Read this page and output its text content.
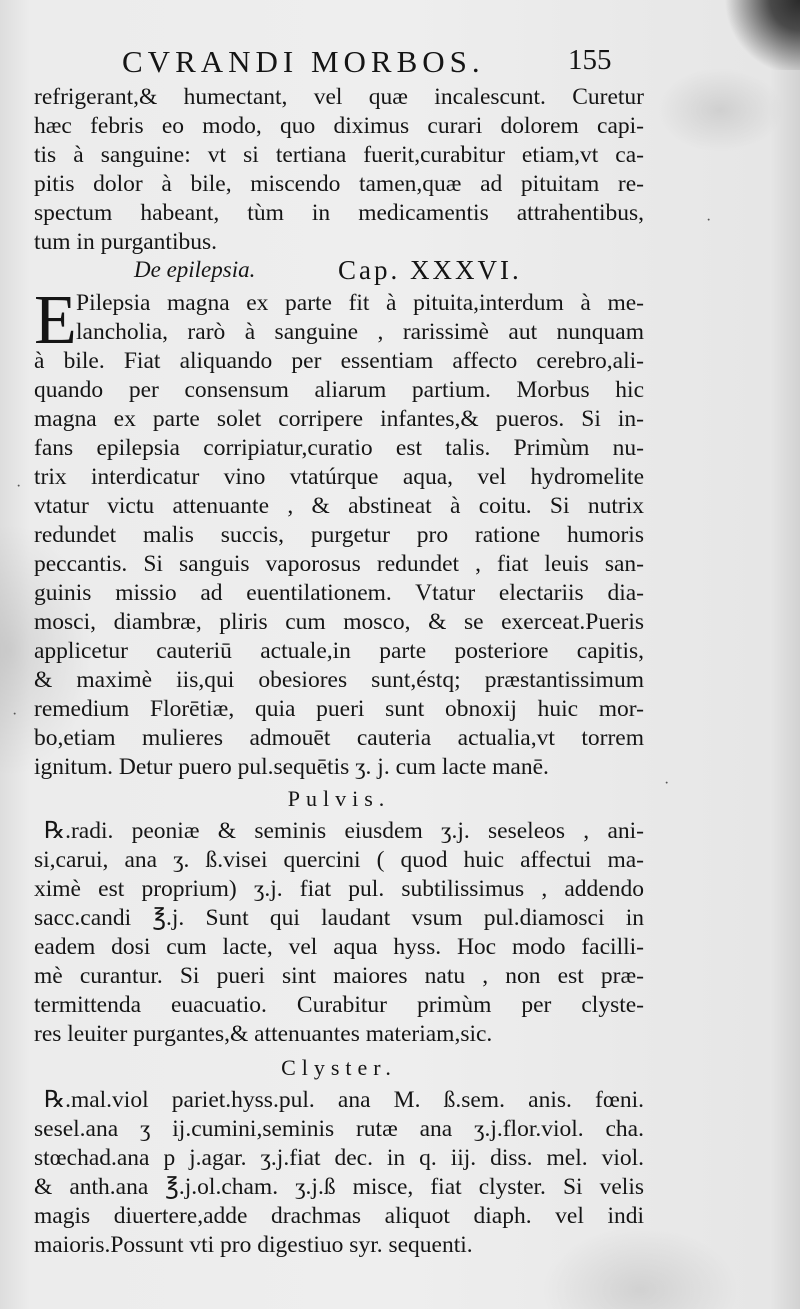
CVRANDI MORBOS.	155
refrigerant,& humectant, vel quæ incalescunt. Curetur
hæc febris eo modo, quo diximus curari dolorem capi-
tis à sanguine: vt si tertiana fuerit,curabitur etiam,vt ca-
pitis dolor à bile, miscendo tamen,quæ ad pituitam re-
spectum habeant, tùm in medicamentis attrahentibus,
tum in purgantibus.
De epilepsia.	Cap. XXXVI.
Pilepsia magna ex parte fit à pituita,interdum à me-
lancholia, rarò à sanguine , rarissimè aut nunquam
à bile. Fiat aliquando per essentiam affecto cerebro,ali-
quando per consensum aliarum partium. Morbus hic
magna ex parte solet corripere infantes,& pueros. Si in-
fans epilepsia corripiatur,curatio est talis. Primùm nu-
trix interdicatur vino vtatúrque aqua, vel hydromelite
vtatur victu attenuante , & abstineat à coitu. Si nutrix
redundet malis succis, purgetur pro ratione humoris
peccantis. Si sanguis vaporosus redundet , fiat leuis san-
guinis missio ad euentilationem. Vtatur electariis dia-
mosci, diambræ, pliris cum mosco, & se exerceat.Pueris
applicetur cauteriū actuale,in parte posteriore capitis,
& maximè iis,qui obesiores sunt,éstq; præstantissimum
remedium Florētiæ, quia pueri sunt obnoxij huic mor-
bo,etiam mulieres admouēt cauteria actualia,vt torrem
ignitum. Detur puero pul.sequētis ʒ. j. cum lacte manē.
Pulvis.
℞.radi. peoniæ & seminis eiusdem ʒ.j. seseleos , ani-
si,carui, ana ʒ. ß.visei quercini ( quod huic affectui ma-
ximè est proprium) ʒ.j. fiat pul. subtilissimus , addendo
sacc.candi ℥.j. Sunt qui laudant vsum pul.diamosci in
eadem dosi cum lacte, vel aqua hyss. Hoc modo facilli-
mè curantur. Si pueri sint maiores natu , non est præ-
termittenda euacuatio. Curabitur primùm per clyste-
res leuiter purgantes,& attenuantes materiam,sic.
Clyster.
℞.mal.viol pariet.hyss.pul. ana M. ß.sem. anis. fœni.
sesel.ana ʒ ij.cumini,seminis rutæ ana ʒ.j.flor.viol. cha.
stœchad.ana p j.agar. ʒ.j.fiat dec. in q. iij. diss. mel. viol.
& anth.ana ℥.j.ol.cham. ʒ.j.ß misce, fiat clyster. Si velis
magis diuertere,adde drachmas aliquot diaph. vel indi
maioris.Possunt vti pro digestiuo syr. sequenti.
E
·
·
·
·
